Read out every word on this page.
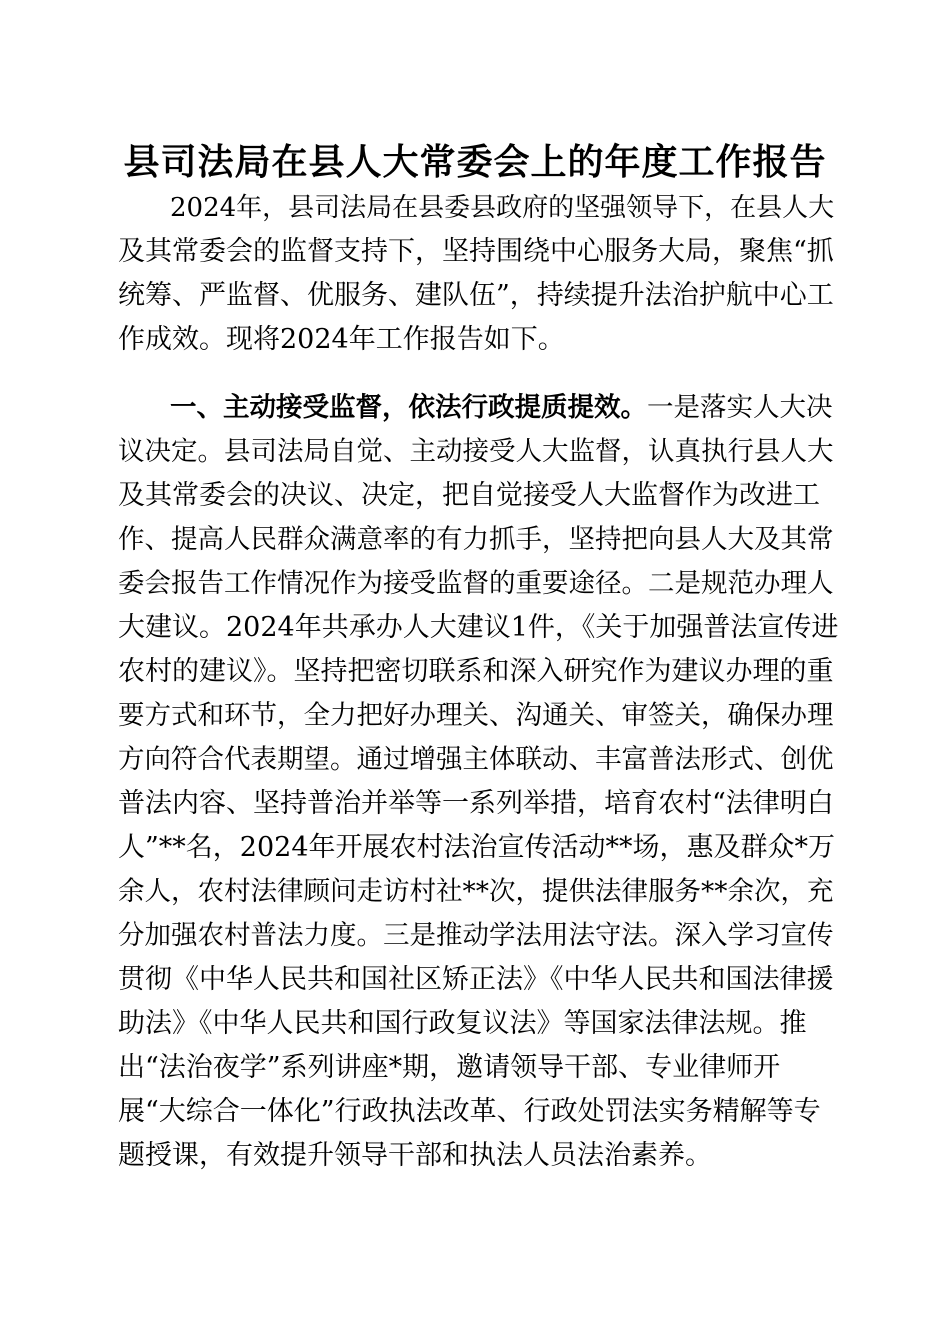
县司法局在县人大常委会上的年度工作报告

2024年，县司法局在县委县政府的坚强领导下，在县人大

及其常委会的监督支持下，坚持围绕中心服务大局，聚焦“抓

统筹、严监督、优服务、建队伍”，持续提升法治护航中心工

作成效。现将2024年工作报告如下。

一、主动接受监督，依法行政提质提效。一是落实人大决

议决定。县司法局自觉、主动接受人大监督，认真执行县人大

及其常委会的决议、决定，把自觉接受人大监督作为改进工

作、提高人民群众满意率的有力抓手，坚持把向县人大及其常

委会报告工作情况作为接受监督的重要途径。二是规范办理人

大建议。2024年共承办人大建议1件，《关于加强普法宣传进

农村的建议》。坚持把密切联系和深入研究作为建议办理的重

要方式和环节，全力把好办理关、沟通关、审签关，确保办理

方向符合代表期望。通过增强主体联动、丰富普法形式、创优

普法内容、坚持普治并举等一系列举措，培育农村“法律明白

人”**名，2024年开展农村法治宣传活动**场，惠及群众*万

余人，农村法律顾问走访村社**次，提供法律服务**余次，充

分加强农村普法力度。三是推动学法用法守法。深入学习宣传

贯彻《中华人民共和国社区矫正法》《中华人民共和国法律援

助法》《中华人民共和国行政复议法》等国家法律法规。推

出“法治夜学”系列讲座*期，邀请领导干部、专业律师开

展“大综合一体化”行政执法改革、行政处罚法实务精解等专

题授课，有效提升领导干部和执法人员法治素养。
